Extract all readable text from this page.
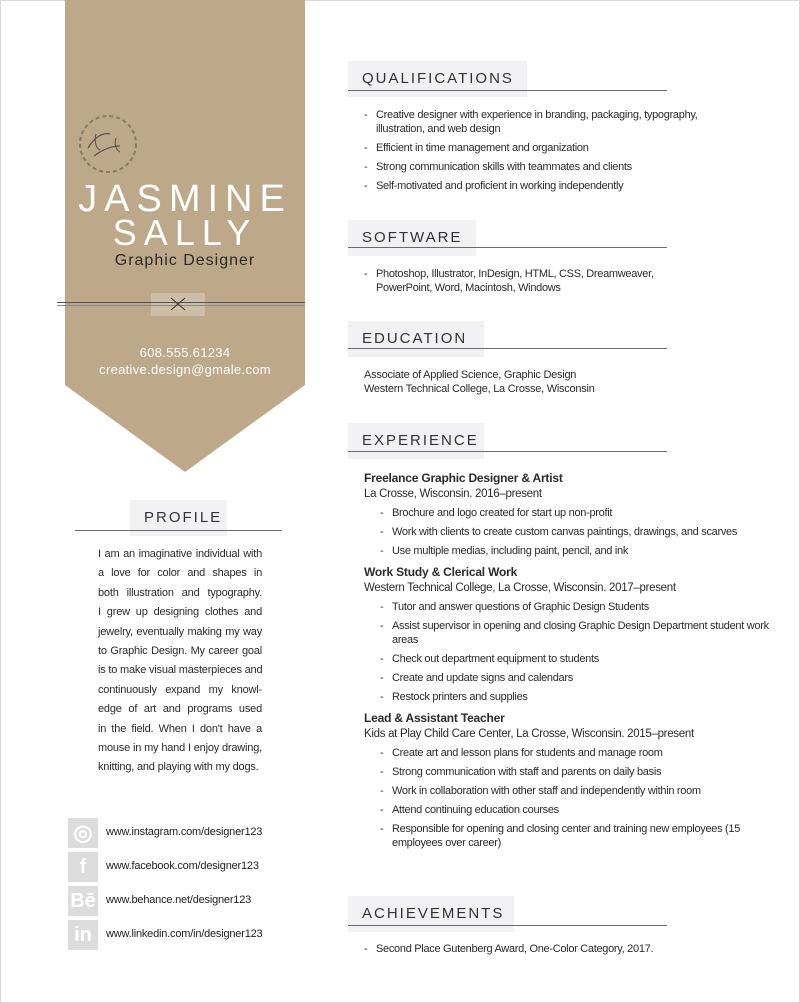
JASMINE
SALLY
Graphic Designer
608.555.61234
creative.design@gmale.com
PROFILE
I am an imaginative individual with
a love for color and shapes in
both illustration and typography.
I grew up designing clothes and
jewelry, eventually making my way
to Graphic Design. My career goal
is to make visual masterpieces and
continuously expand my knowl-
edge of art and programs used
in the field. When I don't have a
mouse in my hand I enjoy drawing,
knitting, and playing with my dogs.
◎	www.instagram.com/designer123
f	www.facebook.com/designer123
Bē www.behance.net/designer123
in	www.linkedin.com/in/designer123
QUALIFICATIONS
- Creative designer with experience in branding, packaging, typography, illustration, and web design
- Efficient in time management and organization
- Strong communication skills with teammates and clients
- Self-motivated and proficient in working independently
SOFTWARE
- Photoshop, Illustrator, InDesign, HTML, CSS, Dreamweaver, PowerPoint, Word, Macintosh, Windows
EDUCATION
Associate of Applied Science, Graphic Design
Western Technical College, La Crosse, Wisconsin
EXPERIENCE
Freelance Graphic Designer & Artist
La Crosse, Wisconsin. 2016–present
- Brochure and logo created for start up non-profit
- Work with clients to create custom canvas paintings, drawings, and scarves
- Use multiple medias, including paint, pencil, and ink
Work Study & Clerical Work
Western Technical College, La Crosse, Wisconsin. 2017–present
- Tutor and answer questions of Graphic Design Students
- Assist supervisor in opening and closing Graphic Design Department student work areas
- Check out department equipment to students
- Create and update signs and calendars
- Restock printers and supplies
Lead & Assistant Teacher
Kids at Play Child Care Center, La Crosse, Wisconsin. 2015–present
- Create art and lesson plans for students and manage room
- Strong communication with staff and parents on daily basis
- Work in collaboration with other staff and independently within room
- Attend continuing education courses
- Responsible for opening and closing center and training new employees (15 employees over career)
ACHIEVEMENTS
- Second Place Gutenberg Award, One-Color Category, 2017.
